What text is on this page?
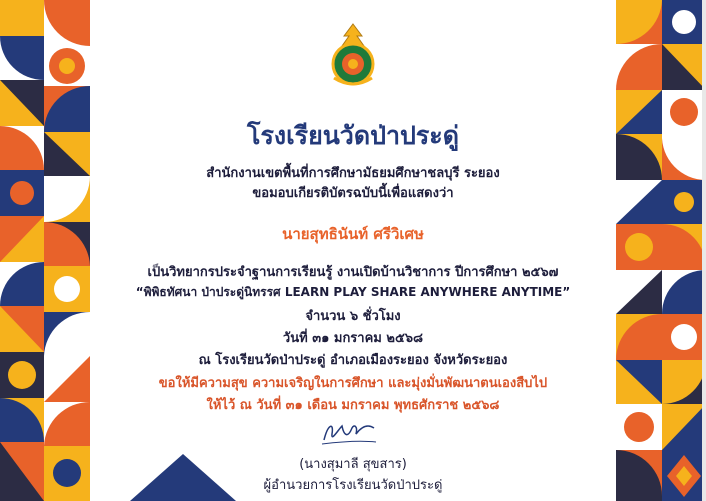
โรงเรียนวัดป่าประดู่
สำนักงานเขตพื้นที่การศึกษามัธยมศึกษาชลบุรี ระยอง
ขอมอบเกียรติบัตรฉบับนี้เพื่อแสดงว่า
นายสุทธินันท์ ศรีวิเศษ
เป็นวิทยากรประจำฐานการเรียนรู้ งานเปิดบ้านวิชาการ ปีการศึกษา ๒๕๖๗
“พิพิธทัศนา ป่าประดู่นิทรรศ LEARN PLAY SHARE ANYWHERE ANYTIME”
จำนวน ๖ ชั่วโมง
วันที่ ๓๑ มกราคม ๒๕๖๘
ณ โรงเรียนวัดป่าประดู่ อำเภอเมืองระยอง จังหวัดระยอง
ขอให้มีความสุข ความเจริญในการศึกษา และมุ่งมั่นพัฒนาตนเองสืบไป
ให้ไว้ ณ วันที่ ๓๑ เดือน มกราคม พุทธศักราช ๒๕๖๘
(นางสุมาลี สุขสาร)
ผู้อำนวยการโรงเรียนวัดป่าประดู่
